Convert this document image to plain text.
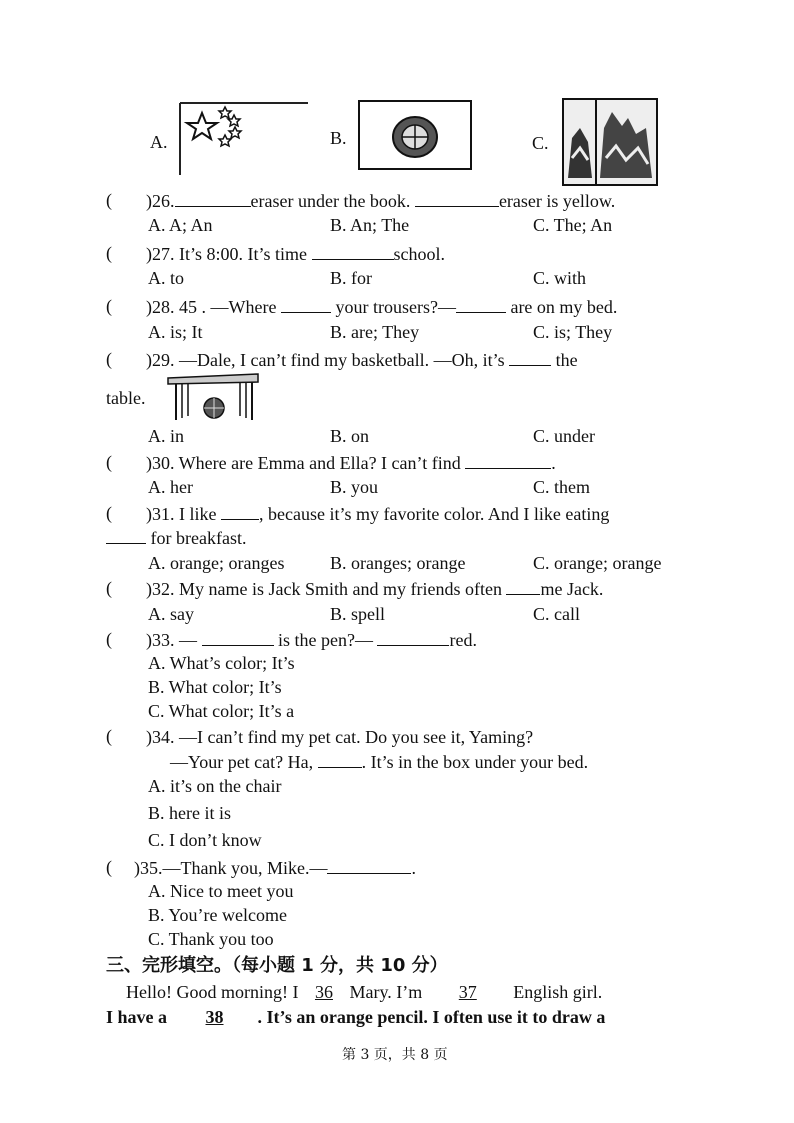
A.	B.	C.
( )26.	eraser under the book.	eraser is yellow.
A. A; An	B. An; The	C. The; An
( )27. It’s 8:00. It’s time	school.
A. to	B. for	C. with
( )28. 45 . —Where	your trousers?—	are on my bed.
A. is; It	B. are; They	C. is; They
( )29. —Dale, I can’t find my basketball. —Oh, it’s	the
table.
A. in	B. on	C. under
( )30. Where are Emma and Ella? I can’t find	.
A. her	B. you	C. them
( )31. I like , because it’s my favorite color. And I like eating
for breakfast.
A. orange; oranges	B. oranges; orange	C. orange; orange
( )32. My name is Jack Smith and my friends often me Jack.
A. say	B. spell	C. call
( )33. —	is the pen?—	red.
A. What’s color; It’s
B. What color; It’s
C. What color; It’s a
( )34. —I can’t find my pet cat. Do you see it, Yaming?
—Your pet cat? Ha,	. It’s in the box under your bed.
A. it’s on the chair
B. here it is
C. I don’t know
( )35.—Thank you, Mike.—	.
A. Nice to meet you
B. You’re welcome
C. Thank you too
三、完形填空。（每小题 1 分，共 10 分）
Hello! Good morning! I 36 Mary. I’m 37 English girl.
I have a 38 . It’s an orange pencil. I often use it to draw a
第 3 页，共 8 页
